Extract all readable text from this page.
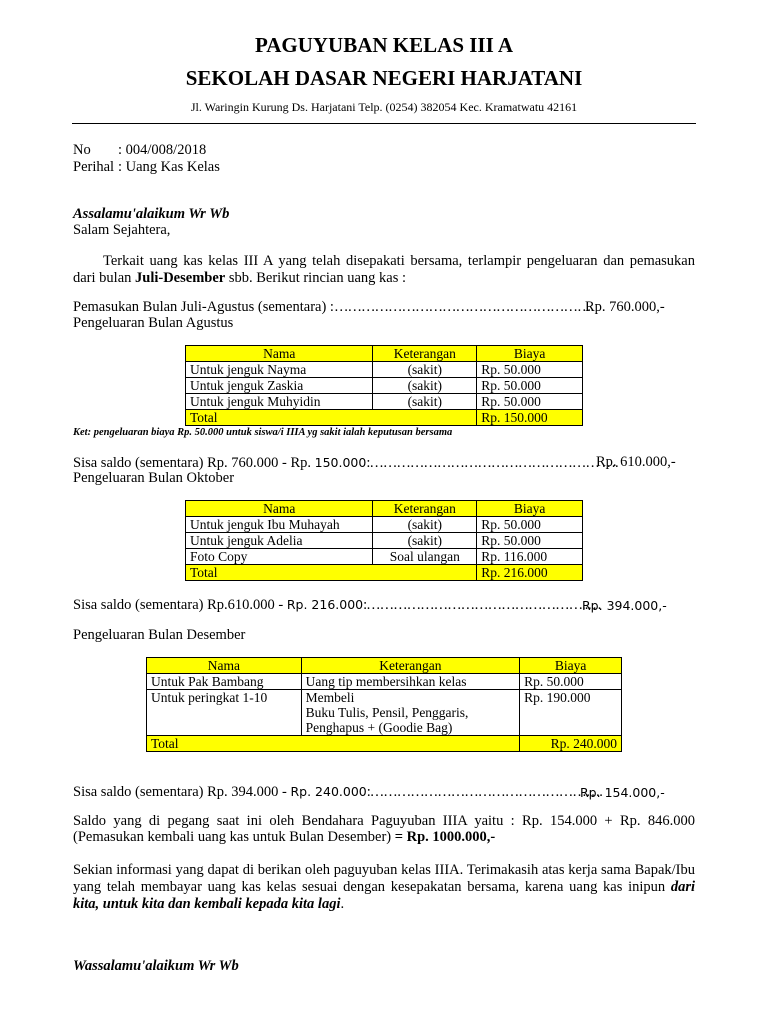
PAGUYUBAN KELAS III A
SEKOLAH DASAR NEGERI HARJATANI
Jl. Waringin Kurung Ds. Harjatani Telp. (0254) 382054 Kec. Kramatwatu 42161
No : 004/008/2018
Perihal : Uang Kas Kelas
Assalamu'alaikum Wr Wb
Salam Sejahtera,
Terkait uang kas kelas III A yang telah disepakati bersama, terlampir pengeluaran dan pemasukan dari bulan Juli-Desember sbb. Berikut rincian uang kas :
Pemasukan Bulan Juli-Agustus (sementara) :………………………………………………….
Rp. 760.000,-
Pengeluaran Bulan Agustus
Nama	Keterangan	Biaya
Untuk jenguk Nayma	(sakit)	Rp. 50.000
Untuk jenguk Zaskia	(sakit)	Rp. 50.000
Untuk jenguk Muhyidin	(sakit)	Rp. 50.000
Total		Rp. 150.000
Ket: pengeluaran biaya Rp. 50.000 untuk siswa/i IIIA yg sakit ialah keputusan bersama
Sisa saldo (sementara) Rp. 760.000 - Rp. 150.000:…………………………………………… ….
Rp. 610.000,-
Pengeluaran Bulan Oktober
Nama	Keterangan	Biaya
Untuk jenguk Ibu Muhayah	(sakit)	Rp. 50.000
Untuk jenguk Adelia	(sakit)	Rp. 50.000
Foto Copy	Soal ulangan	Rp. 116.000
Total		Rp. 216.000
Sisa saldo (sementara) Rp.610.000 - Rp. 216.000:…………………………………………..…
Rp. 394.000,-
Pengeluaran Bulan Desember
Nama	Keterangan	Biaya
Untuk Pak Bambang	Uang tip membersihkan kelas	Rp. 50.000
Untuk peringkat 1-10	Membeli
Buku Tulis, Pensil, Penggaris,
Penghapus + (Goodie Bag)	Rp. 190.000
Total		Rp. 240.000
Sisa saldo (sementara) Rp. 394.000 - Rp. 240.000:…………………………………………….
Rp. 154.000,-
Saldo yang di pegang saat ini oleh Bendahara Paguyuban IIIA yaitu : Rp. 154.000 + Rp. 846.000
(Pemasukan kembali uang kas untuk Bulan Desember) = Rp. 1000.000,-
Sekian informasi yang dapat di berikan oleh paguyuban kelas IIIA. Terimakasih atas kerja sama Bapak/Ibu yang telah membayar uang kas kelas sesuai dengan kesepakatan bersama, karena uang kas inipun dari kita, untuk kita dan kembali kepada kita lagi.
Wassalamu'alaikum Wr Wb
